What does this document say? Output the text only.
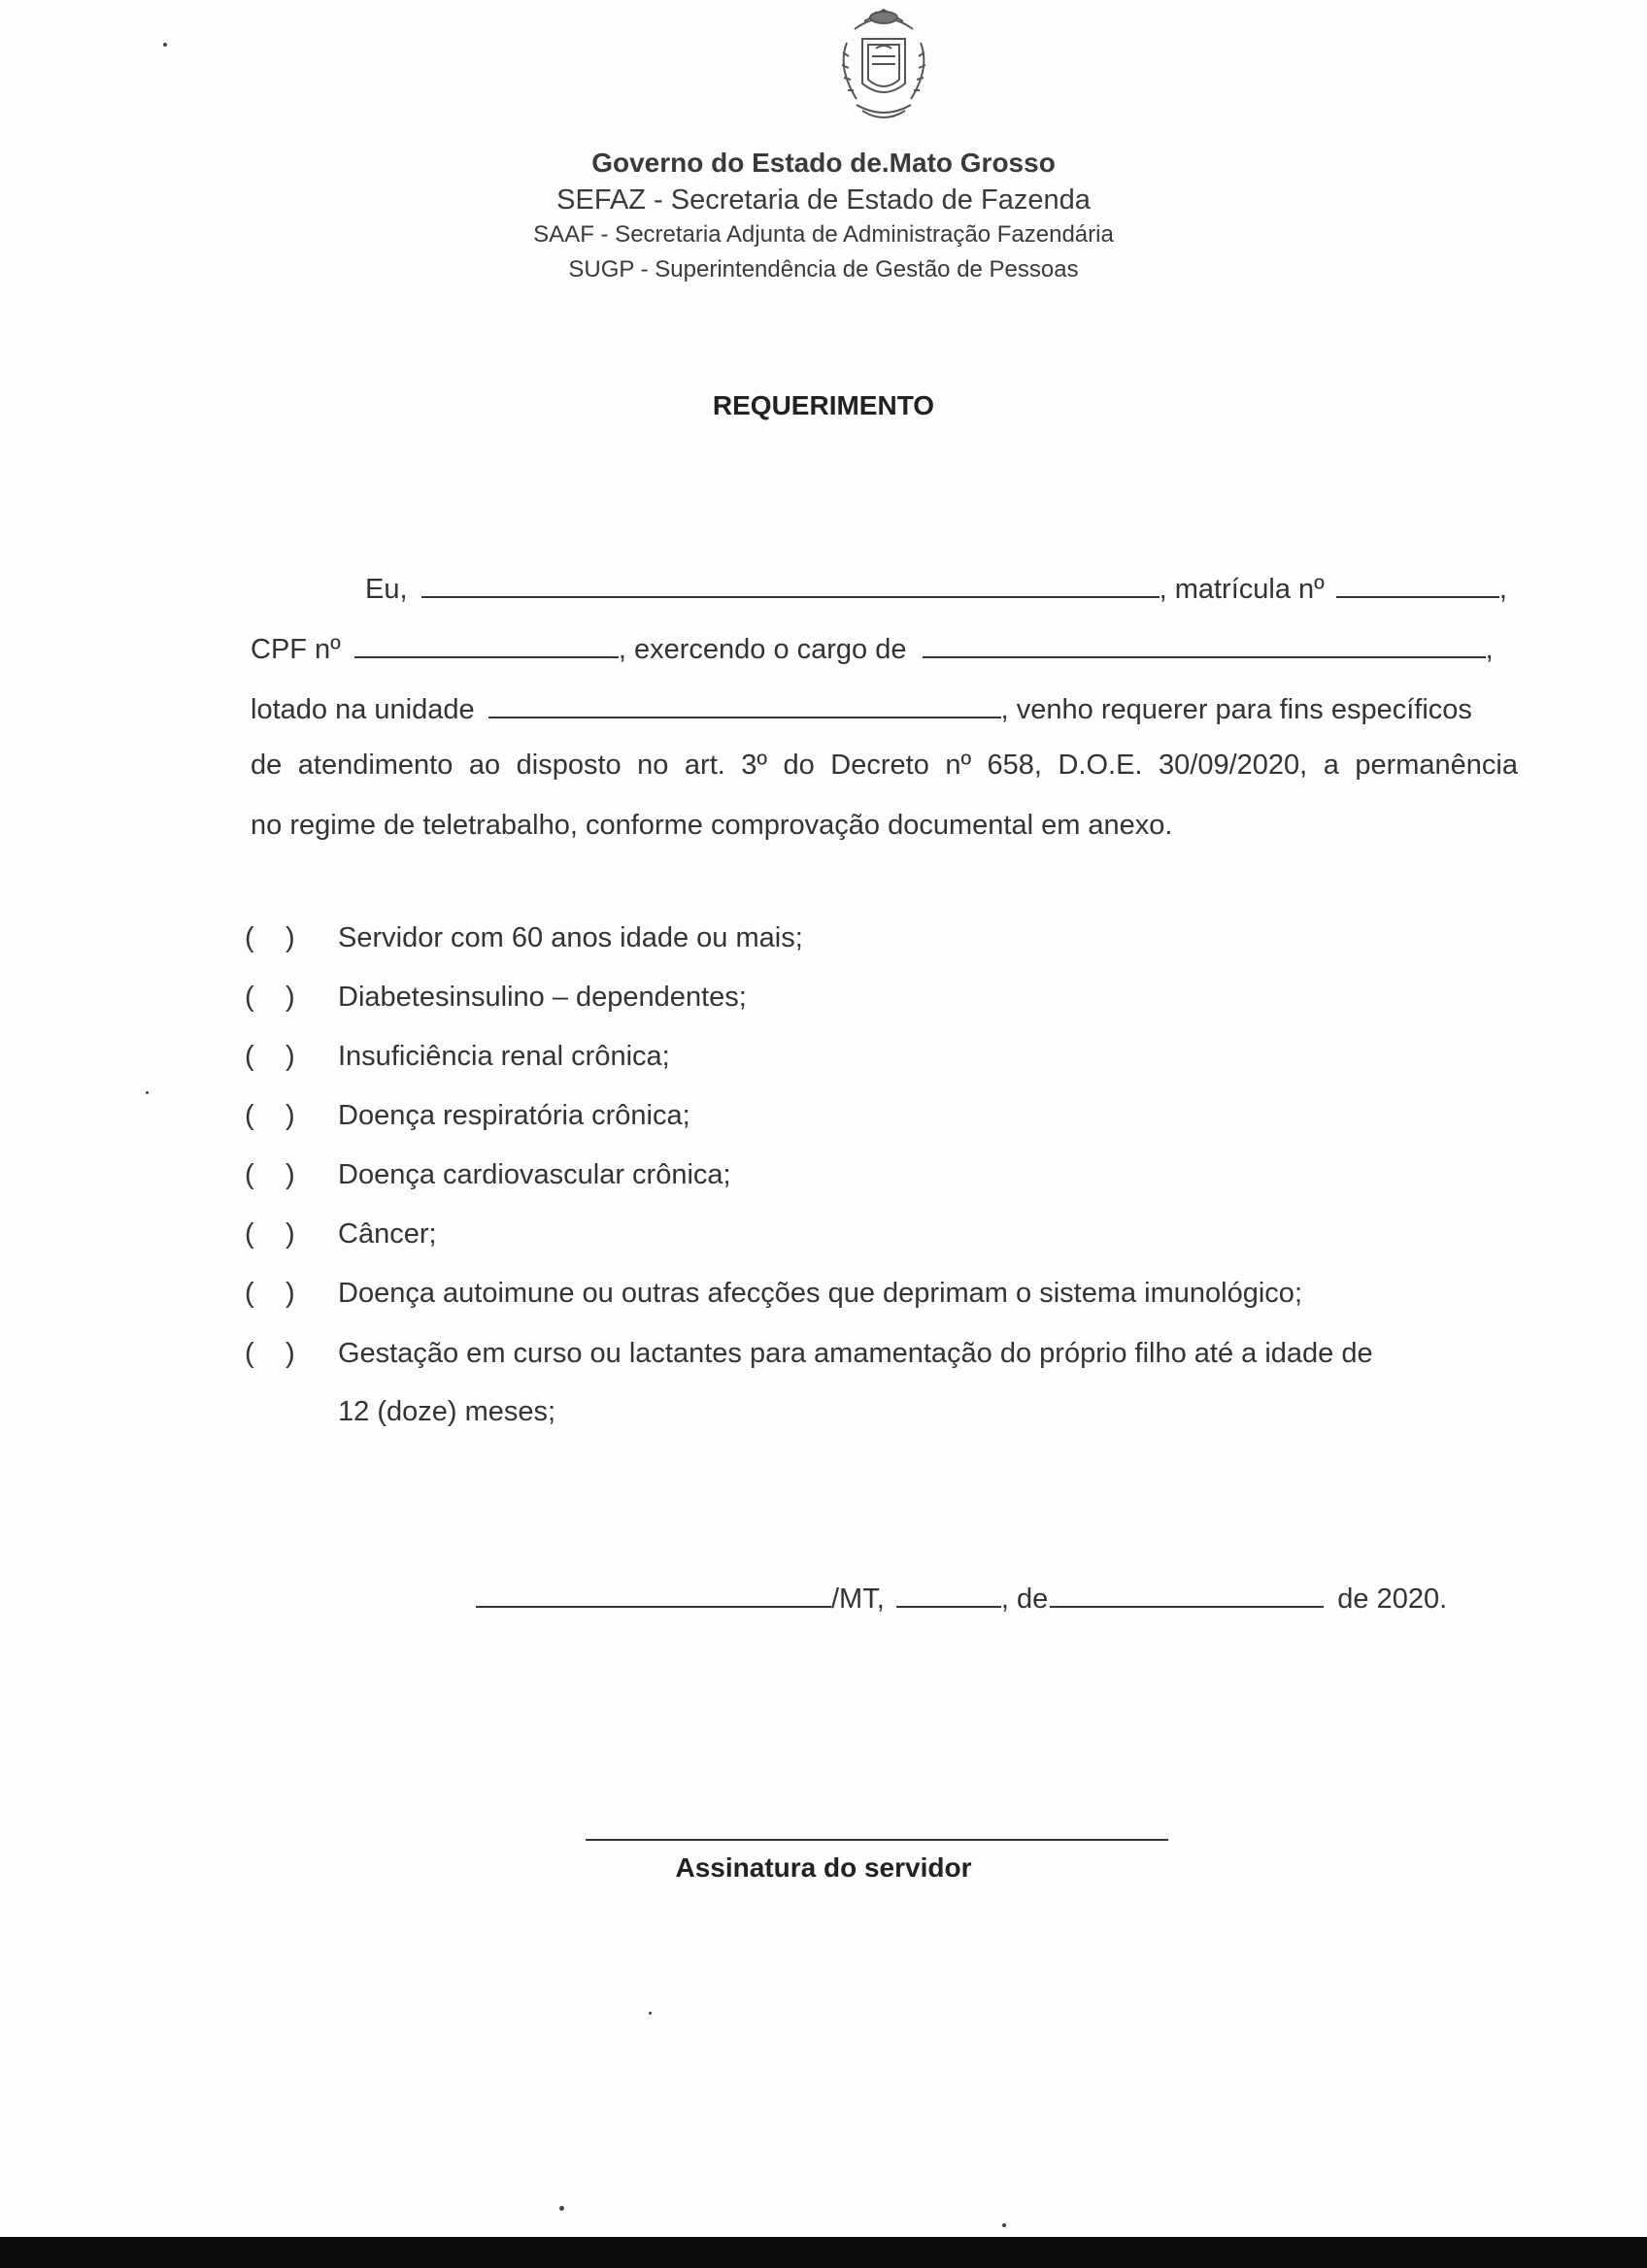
Governo do Estado de.Mato Grosso
SEFAZ - Secretaria de Estado de Fazenda
SAAF - Secretaria Adjunta de Administração Fazendária
SUGP - Superintendência de Gestão de Pessoas
REQUERIMENTO
Eu,	, matrícula nº	,
CPF nº	, exercendo o cargo de	,
lotado na unidade	, venho requerer para fins específicos
de atendimento ao disposto no art. 3º do Decreto nº 658, D.O.E. 30/09/2020, a permanência
no regime de teletrabalho, conforme comprovação documental em anexo.
( ) Servidor com 60 anos idade ou mais;
( ) Diabetesinsulino – dependentes;
( ) Insuficiência renal crônica;
( ) Doença respiratória crônica;
( ) Doença cardiovascular crônica;
( ) Câncer;
( ) Doença autoimune ou outras afecções que deprimam o sistema imunológico;
( ) Gestação em curso ou lactantes para amamentação do próprio filho até a idade de
12 (doze) meses;
/MT,	, de	de 2020.
Assinatura do servidor
